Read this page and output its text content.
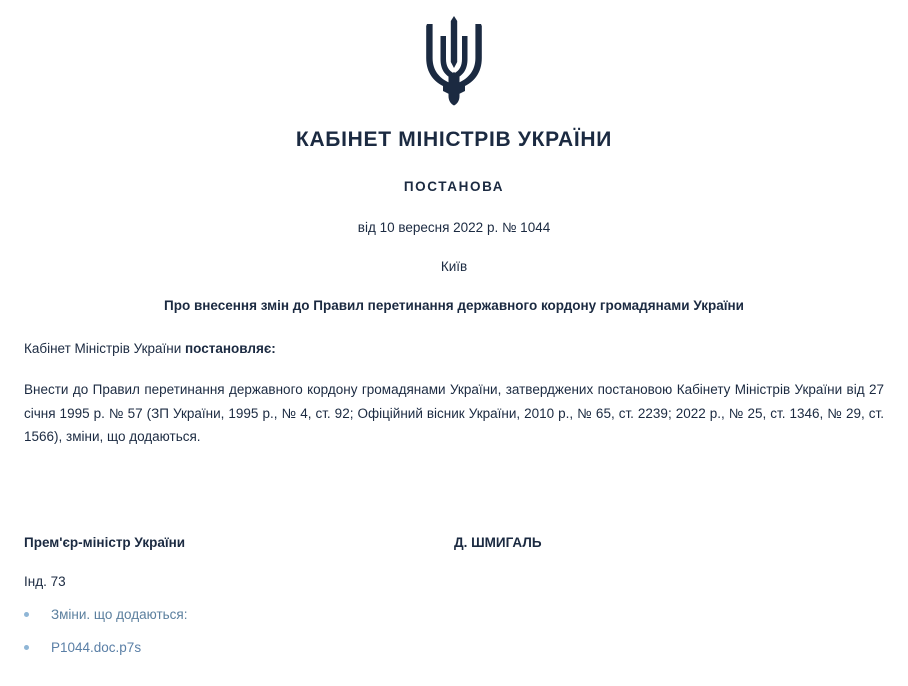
КАБІНЕТ МІНІСТРІВ УКРАЇНИ
ПОСТАНОВА
від 10 вересня 2022 р. № 1044
Київ
Про внесення змін до Правил перетинання державного кордону громадянами України
Кабінет Міністрів України постановляє:
Внести до Правил перетинання державного кордону громадянами України, затверджених постановою Кабінету Міністрів України від 27 січня 1995 р. № 57 (ЗП України, 1995 р., № 4, ст. 92; Офіційний вісник України, 2010 р., № 65, ст. 2239; 2022 р., № 25, ст. 1346, № 29, ст. 1566), зміни, що додаються.
Прем'єр-міністр України	Д. ШМИГАЛЬ
Інд. 73
Зміни. що додаються:
P1044.doc.p7s
